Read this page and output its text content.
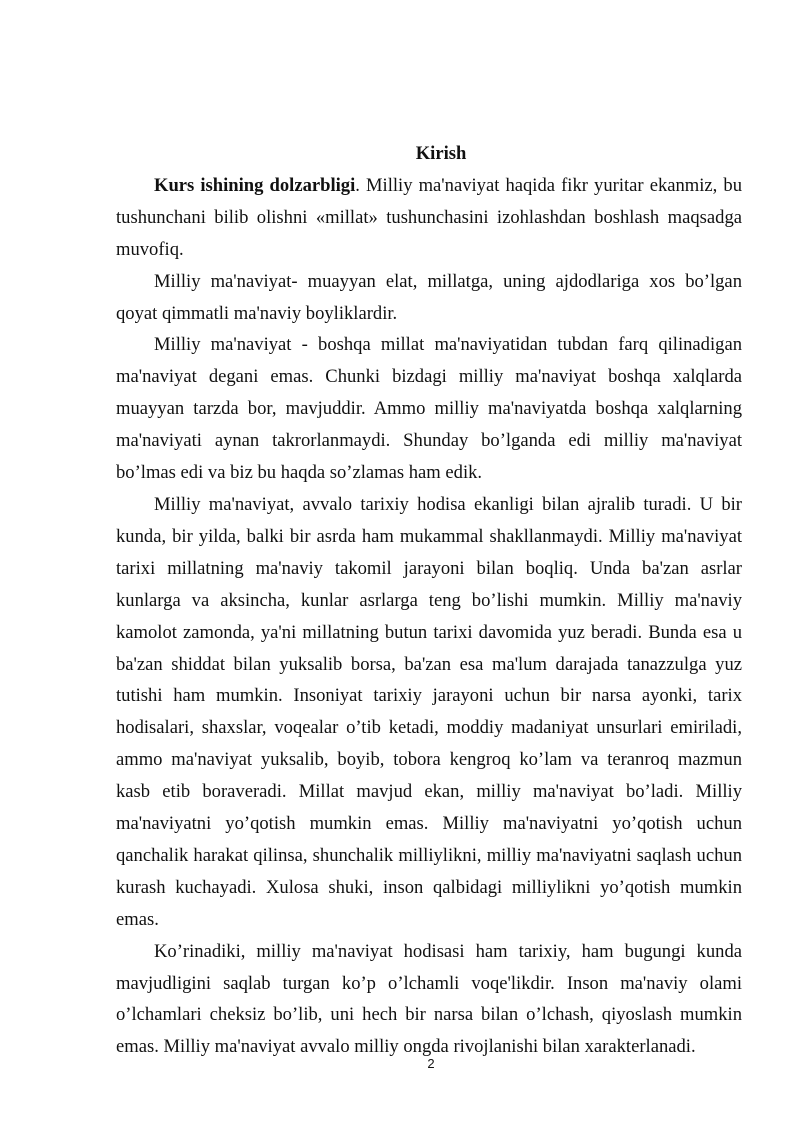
Kirish

Kurs ishining dolzarbligi. Milliy ma'naviyat haqida fikr yuritar ekanmiz, bu tushunchani bilib olishni «millat» tushunchasini izohlashdan boshlash maqsadga muvofiq.

Milliy ma'naviyat- muayyan elat, millatga, uning ajdodlariga xos bo’lgan qoyat qimmatli ma'naviy boyliklardir.

Milliy ma'naviyat - boshqa millat ma'naviyatidan tubdan farq qilinadigan ma'naviyat degani emas. Chunki bizdagi milliy ma'naviyat boshqa xalqlarda muayyan tarzda bor, mavjuddir. Ammo milliy ma'naviyatda boshqa xalqlarning ma'naviyati aynan takrorlanmaydi. Shunday bo’lganda edi milliy ma'naviyat bo’lmas edi va biz bu haqda so’zlamas ham edik.

Milliy ma'naviyat, avvalo tarixiy hodisa ekanligi bilan ajralib turadi. U bir kunda, bir yilda, balki bir asrda ham mukammal shakllanmaydi. Milliy ma'naviyat tarixi millatning ma'naviy takomil jarayoni bilan boqliq. Unda ba'zan asrlar kunlarga va aksincha, kunlar asrlarga teng bo’lishi mumkin. Milliy ma'naviy kamolot zamonda, ya'ni millatning butun tarixi davomida yuz beradi. Bunda esa u ba'zan shiddat bilan yuksalib borsa, ba'zan esa ma'lum darajada tanazzulga yuz tutishi ham mumkin. Insoniyat tarixiy jarayoni uchun bir narsa ayonki, tarix hodisalari, shaxslar, voqealar o’tib ketadi, moddiy madaniyat unsurlari emiriladi, ammo ma'naviyat yuksalib, boyib, tobora kengroq ko’lam va teranroq mazmun kasb etib boraveradi. Millat mavjud ekan, milliy ma'naviyat bo’ladi. Milliy ma'naviyatni yo’qotish mumkin emas. Milliy ma'naviyatni yo’qotish uchun qanchalik harakat qilinsa, shunchalik milliylikni, milliy ma'naviyatni saqlash uchun kurash kuchayadi. Xulosa shuki, inson qalbidagi milliylikni yo’qotish mumkin emas.

Ko’rinadiki, milliy ma'naviyat hodisasi ham tarixiy, ham bugungi kunda mavjudligini saqlab turgan ko’p o’lchamli voqe'likdir. Inson ma'naviy olami o’lchamlari cheksiz bo’lib, uni hech bir narsa bilan o’lchash, qiyoslash mumkin emas. Milliy ma'naviyat avvalo milliy ongda rivojlanishi bilan xarakterlanadi.

2
